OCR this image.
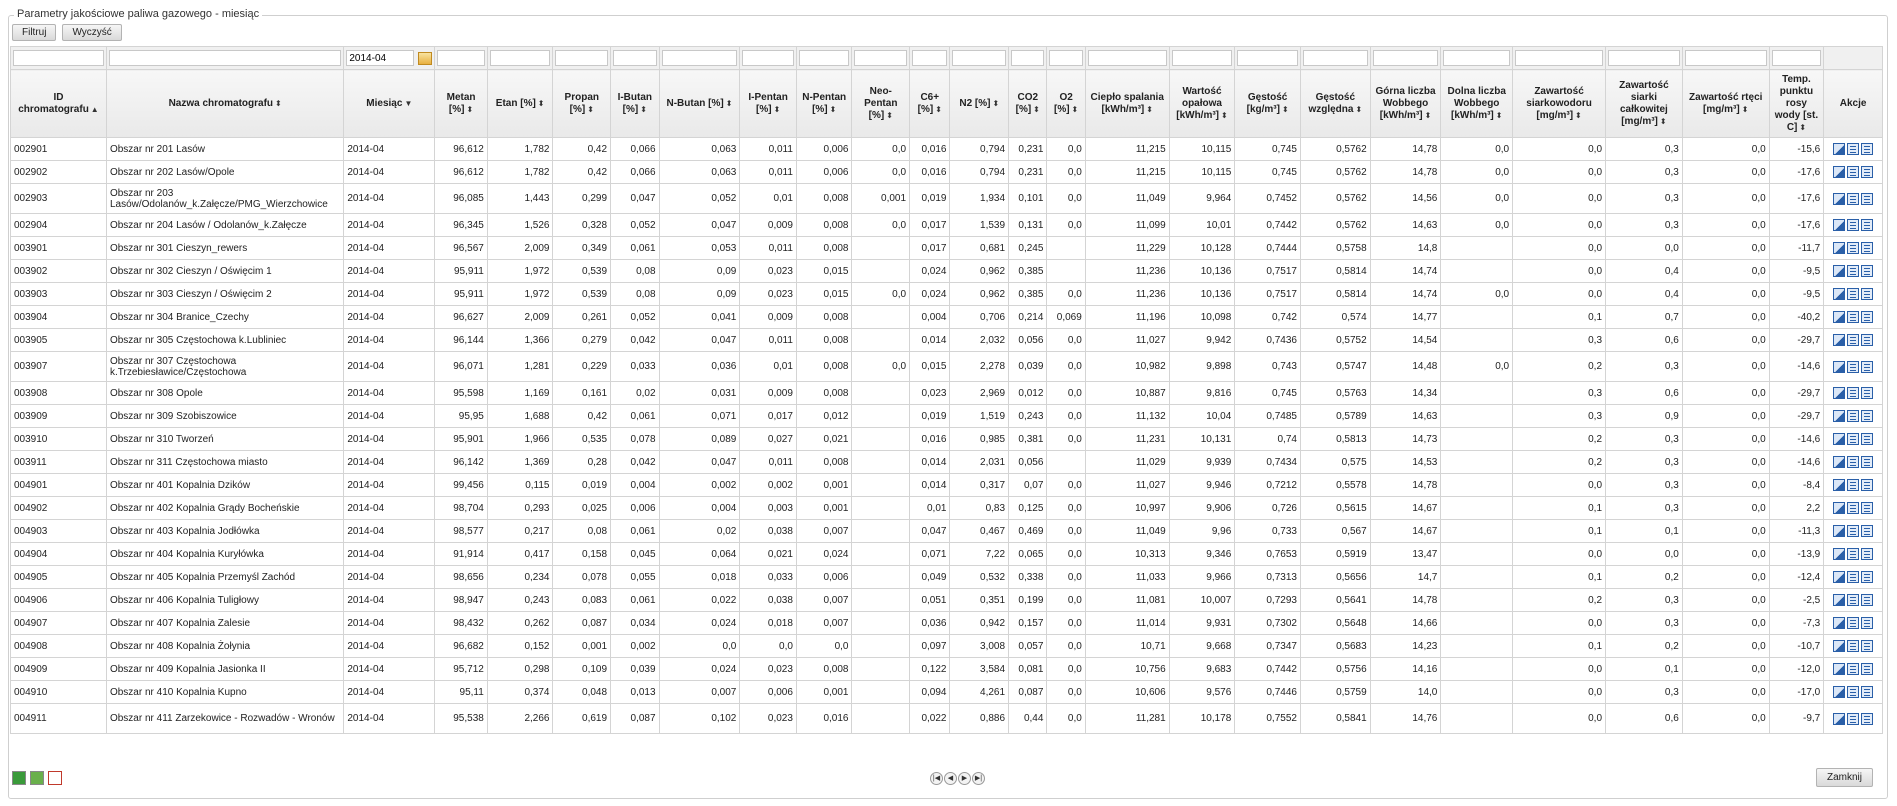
Parametry jakościowe paliwa gazowego - miesiąc
Filtruj	Wyczyść

2014-04

ID chromatografu ▲	Nazwa chromatografu ⬍	Miesiąc ▼	Metan [%] ⬍	Etan [%] ⬍	Propan [%] ⬍	I-Butan [%] ⬍	N-Butan [%] ⬍	I-Pentan [%] ⬍	N-Pentan [%] ⬍	Neo-Pentan [%] ⬍	C6+ [%] ⬍	N2 [%] ⬍	CO2 [%] ⬍	O2 [%] ⬍	Ciepło spalania [kWh/m³] ⬍	Wartość opałowa [kWh/m³] ⬍	Gęstość [kg/m³] ⬍	Gęstość względna ⬍	Górna liczba Wobbego [kWh/m³] ⬍	Dolna liczba Wobbego [kWh/m³] ⬍	Zawartość siarkowodoru [mg/m³] ⬍	Zawartość siarki całkowitej [mg/m³] ⬍	Zawartość rtęci [mg/m³] ⬍	Temp. punktu rosy wody [st. C] ⬍	Akcje
002901	Obszar nr 201 Lasów	2014-04	96,612	1,782	0,42	0,066	0,063	0,011	0,006	0,0	0,016	0,794	0,231	0,0	11,215	10,115	0,745	0,5762	14,78	0,0	0,0	0,3	0,0	-15,6	

002902	Obszar nr 202 Lasów/Opole	2014-04	96,612	1,782	0,42	0,066	0,063	0,011	0,006	0,0	0,016	0,794	0,231	0,0	11,215	10,115	0,745	0,5762	14,78	0,0	0,0	0,3	0,0	-17,6	

002903	Obszar nr 203 Lasów/Odolanów_k.Załęcze/PMG_Wierzchowice	2014-04	96,085	1,443	0,299	0,047	0,052	0,01	0,008	0,001	0,019	1,934	0,101	0,0	11,049	9,964	0,7452	0,5762	14,56	0,0	0,0	0,3	0,0	-17,6	

002904	Obszar nr 204 Lasów / Odolanów_k.Załęcze	2014-04	96,345	1,526	0,328	0,052	0,047	0,009	0,008	0,0	0,017	1,539	0,131	0,0	11,099	10,01	0,7442	0,5762	14,63	0,0	0,0	0,3	0,0	-17,6	

003901	Obszar nr 301 Cieszyn_rewers	2014-04	96,567	2,009	0,349	0,061	0,053	0,011	0,008		0,017	0,681	0,245		11,229	10,128	0,7444	0,5758	14,8		0,0	0,0	0,0	-11,7	

003902	Obszar nr 302 Cieszyn / Oświęcim 1	2014-04	95,911	1,972	0,539	0,08	0,09	0,023	0,015		0,024	0,962	0,385		11,236	10,136	0,7517	0,5814	14,74		0,0	0,4	0,0	-9,5	

003903	Obszar nr 303 Cieszyn / Oświęcim 2	2014-04	95,911	1,972	0,539	0,08	0,09	0,023	0,015	0,0	0,024	0,962	0,385	0,0	11,236	10,136	0,7517	0,5814	14,74	0,0	0,0	0,4	0,0	-9,5	

003904	Obszar nr 304 Branice_Czechy	2014-04	96,627	2,009	0,261	0,052	0,041	0,009	0,008		0,004	0,706	0,214	0,069	11,196	10,098	0,742	0,574	14,77		0,1	0,7	0,0	-40,2	

003905	Obszar nr 305 Częstochowa k.Lubliniec	2014-04	96,144	1,366	0,279	0,042	0,047	0,011	0,008		0,014	2,032	0,056	0,0	11,027	9,942	0,7436	0,5752	14,54		0,3	0,6	0,0	-29,7	

003907	Obszar nr 307 Częstochowa k.Trzebiesławice/Częstochowa	2014-04	96,071	1,281	0,229	0,033	0,036	0,01	0,008	0,0	0,015	2,278	0,039	0,0	10,982	9,898	0,743	0,5747	14,48	0,0	0,2	0,3	0,0	-14,6	

003908	Obszar nr 308 Opole	2014-04	95,598	1,169	0,161	0,02	0,031	0,009	0,008		0,023	2,969	0,012	0,0	10,887	9,816	0,745	0,5763	14,34		0,3	0,6	0,0	-29,7	

003909	Obszar nr 309 Szobiszowice	2014-04	95,95	1,688	0,42	0,061	0,071	0,017	0,012		0,019	1,519	0,243	0,0	11,132	10,04	0,7485	0,5789	14,63		0,3	0,9	0,0	-29,7	

003910	Obszar nr 310 Tworzeń	2014-04	95,901	1,966	0,535	0,078	0,089	0,027	0,021		0,016	0,985	0,381	0,0	11,231	10,131	0,74	0,5813	14,73		0,2	0,3	0,0	-14,6	

003911	Obszar nr 311 Częstochowa miasto	2014-04	96,142	1,369	0,28	0,042	0,047	0,011	0,008		0,014	2,031	0,056		11,029	9,939	0,7434	0,575	14,53		0,2	0,3	0,0	-14,6	

004901	Obszar nr 401 Kopalnia Dzików	2014-04	99,456	0,115	0,019	0,004	0,002	0,002	0,001		0,014	0,317	0,07	0,0	11,027	9,946	0,7212	0,5578	14,78		0,0	0,3	0,0	-8,4	

004902	Obszar nr 402 Kopalnia Grądy Bocheńskie	2014-04	98,704	0,293	0,025	0,006	0,004	0,003	0,001		0,01	0,83	0,125	0,0	10,997	9,906	0,726	0,5615	14,67		0,1	0,3	0,0	2,2	

004903	Obszar nr 403 Kopalnia Jodłówka	2014-04	98,577	0,217	0,08	0,061	0,02	0,038	0,007		0,047	0,467	0,469	0,0	11,049	9,96	0,733	0,567	14,67		0,1	0,1	0,0	-11,3	

004904	Obszar nr 404 Kopalnia Kuryłówka	2014-04	91,914	0,417	0,158	0,045	0,064	0,021	0,024		0,071	7,22	0,065	0,0	10,313	9,346	0,7653	0,5919	13,47		0,0	0,0	0,0	-13,9	

004905	Obszar nr 405 Kopalnia Przemyśl Zachód	2014-04	98,656	0,234	0,078	0,055	0,018	0,033	0,006		0,049	0,532	0,338	0,0	11,033	9,966	0,7313	0,5656	14,7		0,1	0,2	0,0	-12,4	

004906	Obszar nr 406 Kopalnia Tuligłowy	2014-04	98,947	0,243	0,083	0,061	0,022	0,038	0,007		0,051	0,351	0,199	0,0	11,081	10,007	0,7293	0,5641	14,78		0,2	0,3	0,0	-2,5	

004907	Obszar nr 407 Kopalnia Zalesie	2014-04	98,432	0,262	0,087	0,034	0,024	0,018	0,007		0,036	0,942	0,157	0,0	11,014	9,931	0,7302	0,5648	14,66		0,0	0,3	0,0	-7,3	

004908	Obszar nr 408 Kopalnia Żołynia	2014-04	96,682	0,152	0,001	0,002	0,0	0,0	0,0		0,097	3,008	0,057	0,0	10,71	9,668	0,7347	0,5683	14,23		0,1	0,2	0,0	-10,7	

004909	Obszar nr 409 Kopalnia Jasionka II	2014-04	95,712	0,298	0,109	0,039	0,024	0,023	0,008		0,122	3,584	0,081	0,0	10,756	9,683	0,7442	0,5756	14,16		0,0	0,1	0,0	-12,0	

004910	Obszar nr 410 Kopalnia Kupno	2014-04	95,11	0,374	0,048	0,013	0,007	0,006	0,001		0,094	4,261	0,087	0,0	10,606	9,576	0,7446	0,5759	14,0		0,0	0,3	0,0	-17,0	

004911	Obszar nr 411 Zarzekowice - Rozwadów - Wronów	2014-04	95,538	2,266	0,619	0,087	0,102	0,023	0,016		0,022	0,886	0,44	0,0	11,281	10,178	0,7552	0,5841	14,76		0,0	0,6	0,0	-9,7	
|◀	◀	▶	▶|	Zamknij
